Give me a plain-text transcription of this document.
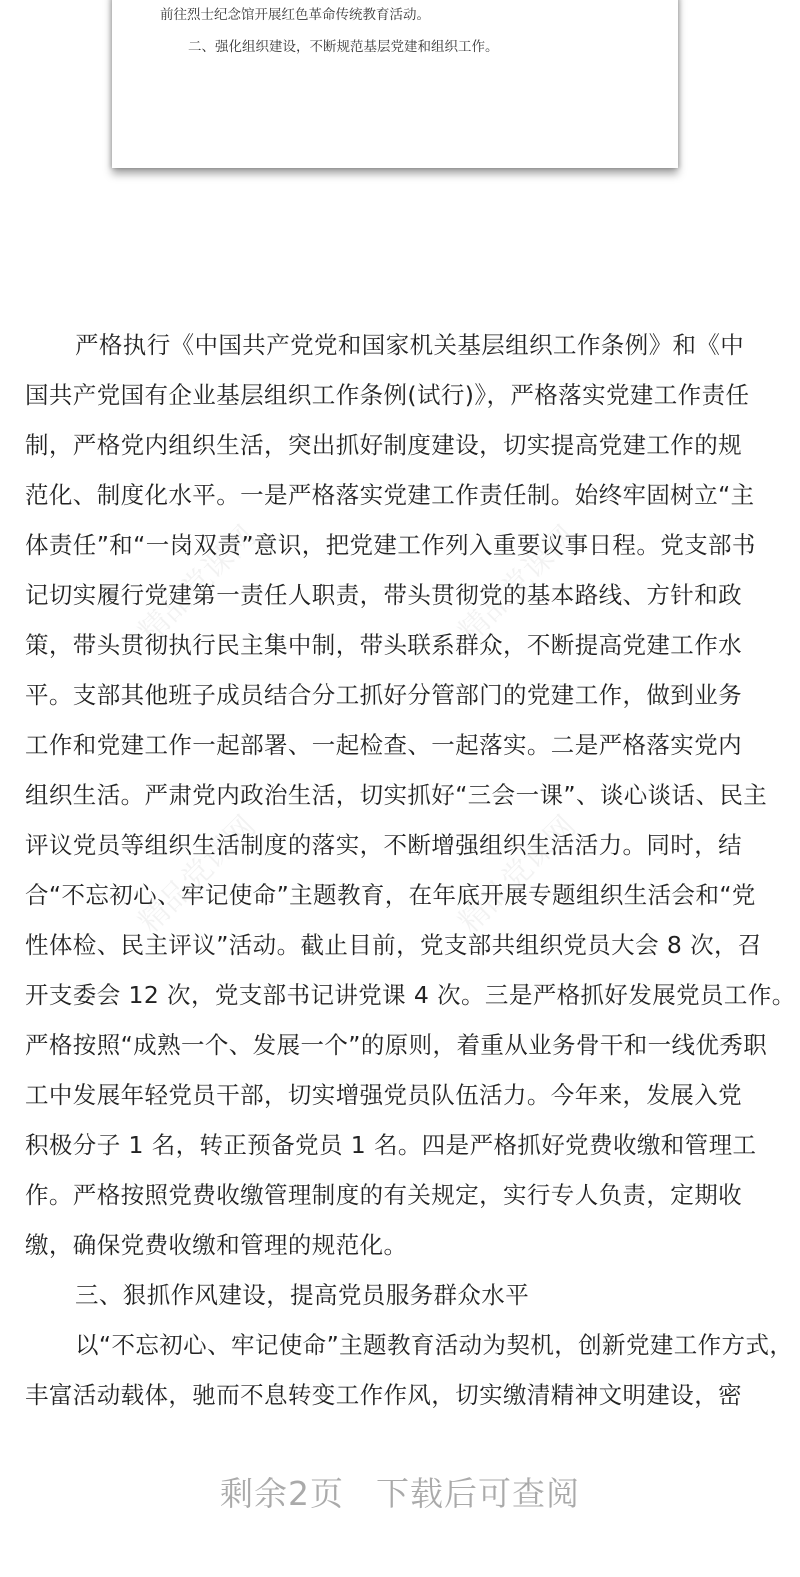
前往烈士纪念馆开展红色革命传统教育活动。
二、强化组织建设，不断规范基层党建和组织工作。
精品党课网	精品党课网
精品党课网	精品党课网
严格执行《中国共产党党和国家机关基层组织工作条例》和《中
国共产党国有企业基层组织工作条例(试行)》，严格落实党建工作责任
制，严格党内组织生活，突出抓好制度建设，切实提高党建工作的规
范化、制度化水平。一是严格落实党建工作责任制。始终牢固树立“主
体责任”和“一岗双责”意识，把党建工作列入重要议事日程。党支部书
记切实履行党建第一责任人职责，带头贯彻党的基本路线、方针和政
策，带头贯彻执行民主集中制，带头联系群众，不断提高党建工作水
平。支部其他班子成员结合分工抓好分管部门的党建工作，做到业务
工作和党建工作一起部署、一起检查、一起落实。二是严格落实党内
组织生活。严肃党内政治生活，切实抓好“三会一课”、谈心谈话、民主
评议党员等组织生活制度的落实，不断增强组织生活活力。同时，结
合“不忘初心、牢记使命”主题教育，在年底开展专题组织生活会和“党
性体检、民主评议”活动。截止目前，党支部共组织党员大会 8 次，召
开支委会 12 次，党支部书记讲党课 4 次。三是严格抓好发展党员工作。
严格按照“成熟一个、发展一个”的原则，着重从业务骨干和一线优秀职
工中发展年轻党员干部，切实增强党员队伍活力。今年来，发展入党
积极分子 1 名，转正预备党员 1 名。四是严格抓好党费收缴和管理工
作。严格按照党费收缴管理制度的有关规定，实行专人负责，定期收
缴，确保党费收缴和管理的规范化。
三、狠抓作风建设，提高党员服务群众水平
以“不忘初心、牢记使命”主题教育活动为契机，创新党建工作方式，
丰富活动载体，驰而不息转变工作作风，切实缴清精神文明建设，密
剩余2页 下载后可查阅
